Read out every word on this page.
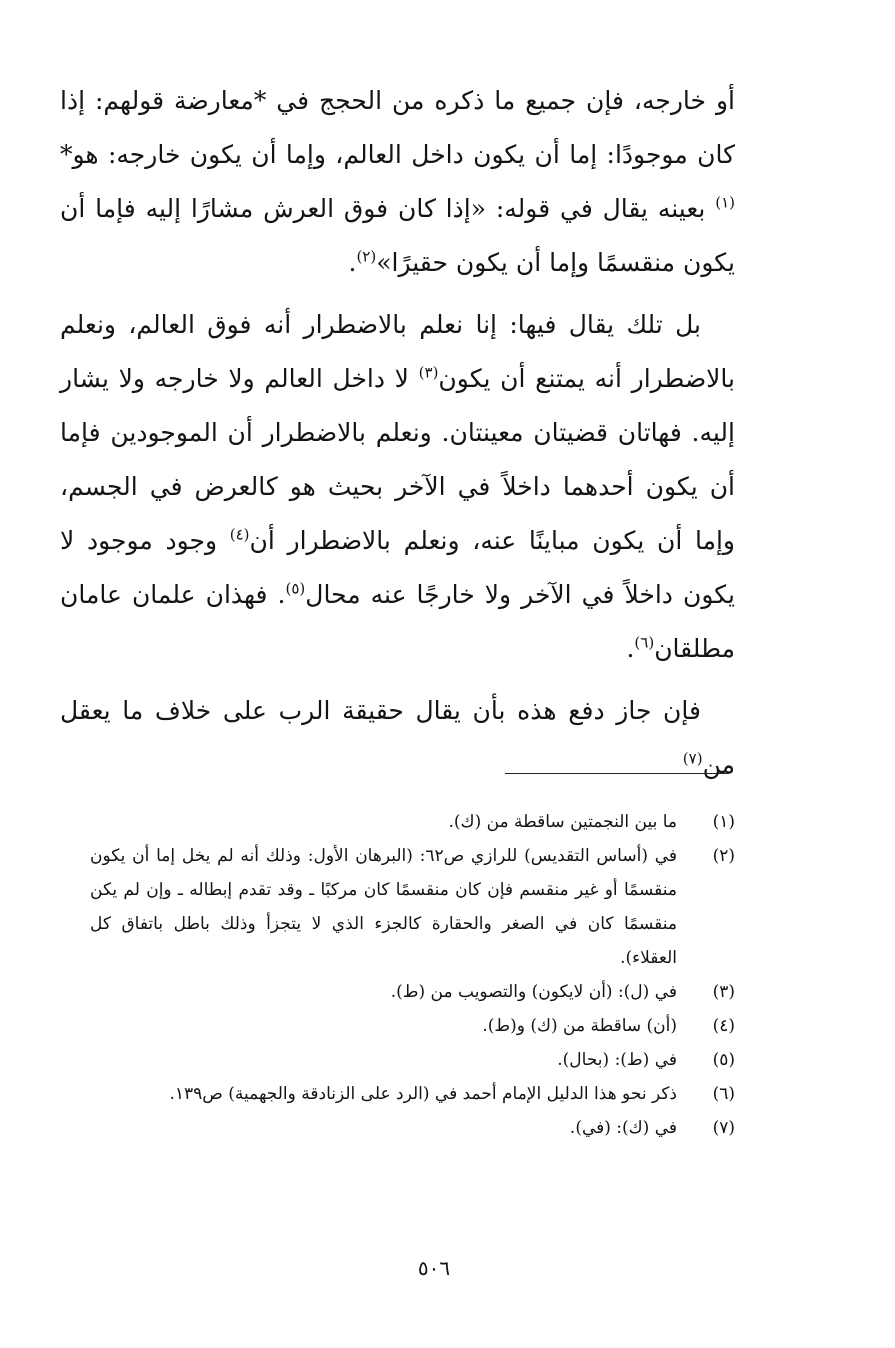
أو خارجه، فإن جميع ما ذكره من الحجج في *معارضة قولهم: إذا كان موجودًا: إما أن يكون داخل العالم، وإما أن يكون خارجه: هو*$^{(١)}$ بعينه يقال في قوله: «إذا كان فوق العرش مشارًا إليه فإما أن يكون منقسمًا وإما أن يكون حقيرًا»$^{(٢)}$.

بل تلك يقال فيها: إنا نعلم بالاضطرار أنه فوق العالم، ونعلم بالاضطرار أنه يمتنع أن يكون$^{(٣)}$ لا داخل العالم ولا خارجه ولا يشار إليه. فهاتان قضيتان معينتان. ونعلم بالاضطرار أن الموجودين فإما أن يكون أحدهما داخلاً في الآخر بحيث هو كالعرض في الجسم، وإما أن يكون مباينًا عنه، ونعلم بالاضطرار أن$^{(٤)}$ وجود موجود لا يكون داخلاً في الآخر ولا خارجًا عنه محال$^{(٥)}$. فهذان علمان عامان مطلقان$^{(٦)}$.

فإن جاز دفع هذه بأن يقال حقيقة الرب على خلاف ما يعقل من$^{(٧)}$

(١)
ما بين النجمتين ساقطة من (ك).
(٢)
في (أساس التقديس) للرازي ص٦٢: (البرهان الأول: وذلك أنه لم يخل إما أن يكون منقسمًا أو غير منقسم فإن كان منقسمًا كان مركبًا ـ وقد تقدم إبطاله ـ وإن لم يكن منقسمًا كان في الصغر والحقارة كالجزء الذي لا يتجزأ وذلك باطل باتفاق كل العقلاء).
(٣)
في (ل): (أن لايكون) والتصويب من (ط).
(٤)
(أن) ساقطة من (ك) و(ط).
(٥)
في (ط): (بحال).
(٦)
ذكر نحو هذا الدليل الإمام أحمد في (الرد على الزنادقة والجهمية) ص١٣٩.
(٧)
في (ك): (في).
٥٠٦
